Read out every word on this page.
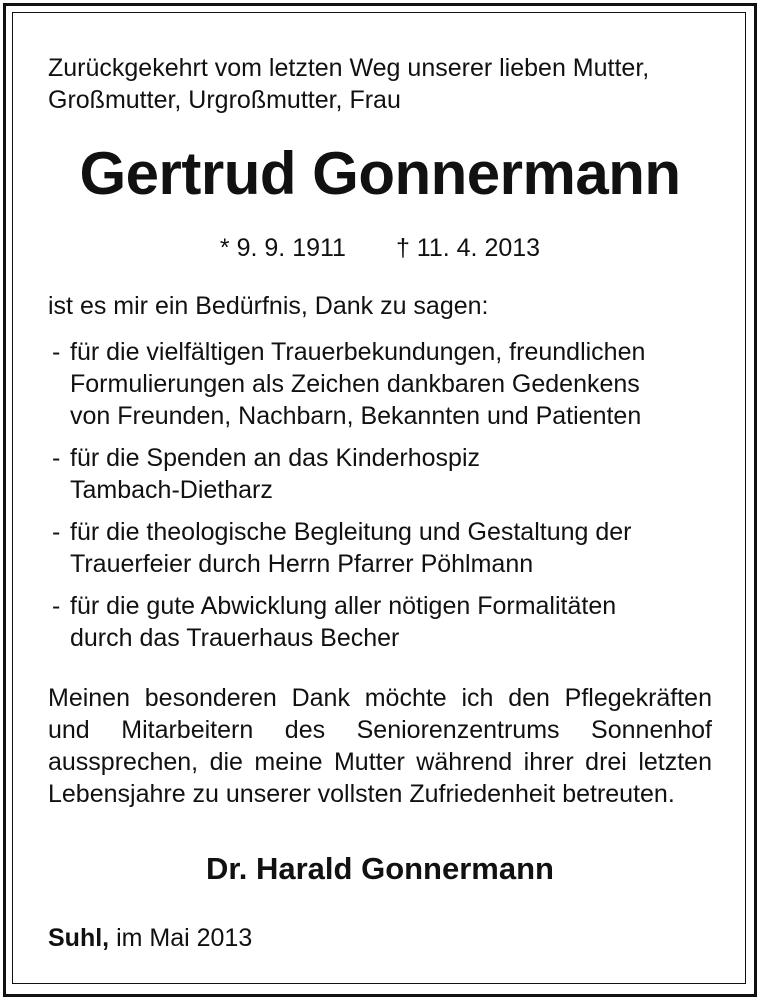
Zurückgekehrt vom letzten Weg unserer lieben Mutter,
Großmutter, Urgroßmutter, Frau

Gertrud Gonnermann

* 9. 9. 1911 † 11. 4. 2013

ist es mir ein Bedürfnis, Dank zu sagen:

- für die vielfältigen Trauerbekundungen, freundlichen
Formulierungen als Zeichen dankbaren Gedenkens
von Freunden, Nachbarn, Bekannten und Patienten
- für die Spenden an das Kinderhospiz
Tambach-Dietharz
- für die theologische Begleitung und Gestaltung der
Trauerfeier durch Herrn Pfarrer Pöhlmann
- für die gute Abwicklung aller nötigen Formalitäten
durch das Trauerhaus Becher

Meinen besonderen Dank möchte ich den Pflegekräften und Mitarbeitern des Seniorenzentrums Sonnenhof aussprechen, die meine Mutter während ihrer drei letzten Lebensjahre zu unserer vollsten Zufriedenheit betreuten.

Dr. Harald Gonnermann

Suhl, im Mai 2013
